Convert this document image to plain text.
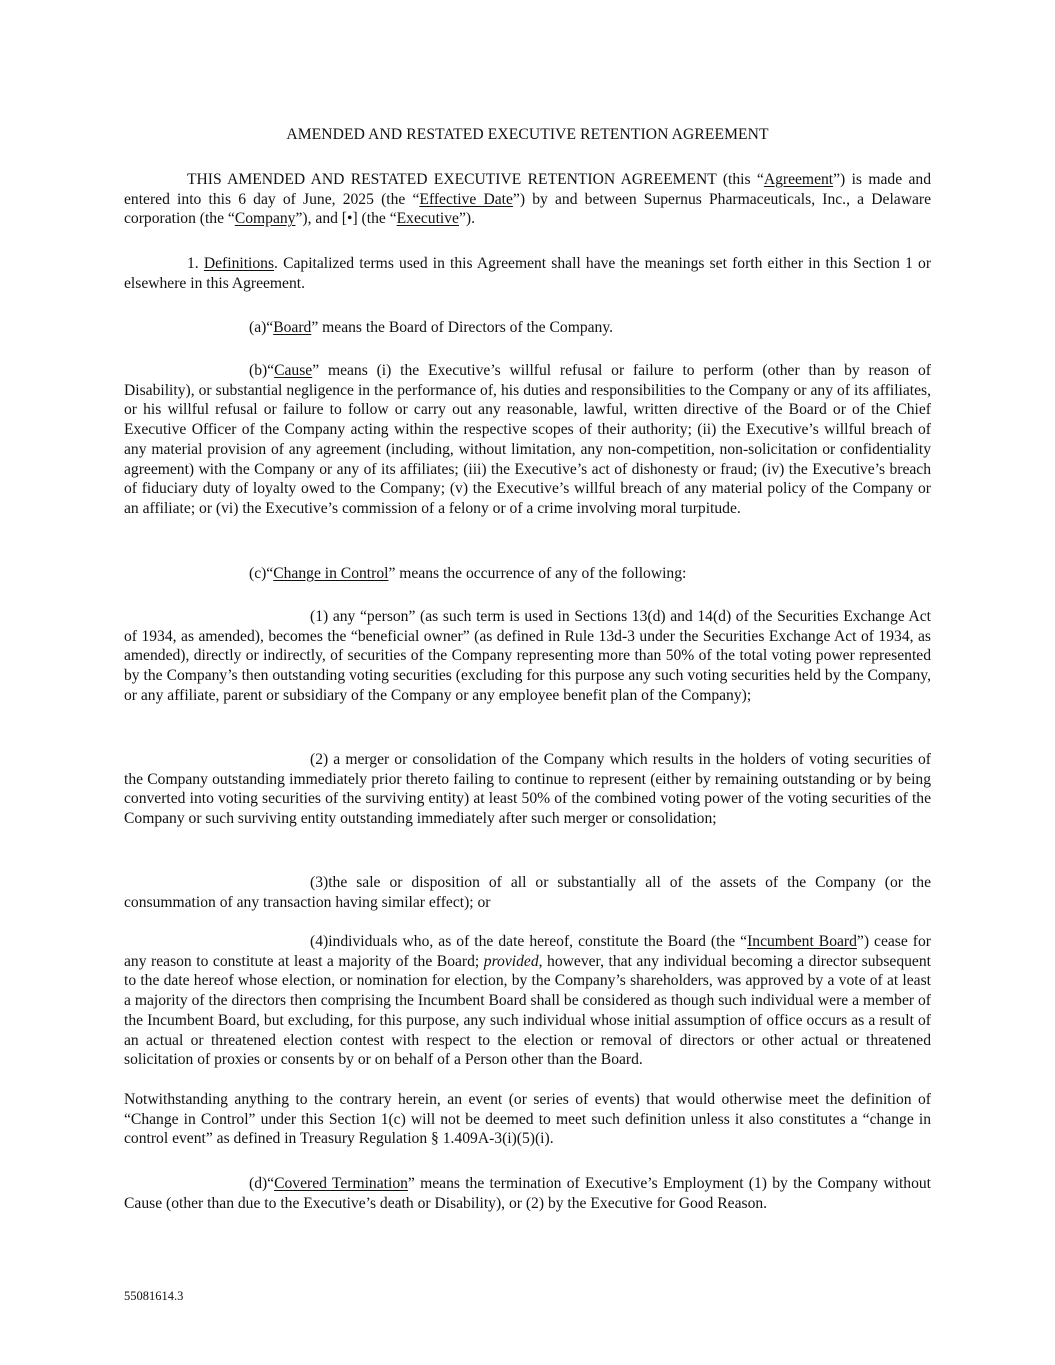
AMENDED AND RESTATED EXECUTIVE RETENTION AGREEMENT

THIS AMENDED AND RESTATED EXECUTIVE RETENTION AGREEMENT (this “Agreement”) is made and entered into this 6 day of June, 2025 (the “Effective Date”) by and between Supernus Pharmaceuticals, Inc., a Delaware corporation (the “Company”), and [•] (the “Executive”).

1. Definitions. Capitalized terms used in this Agreement shall have the meanings set forth either in this Section 1 or elsewhere in this Agreement.

(a)“Board” means the Board of Directors of the Company.

(b)“Cause” means (i) the Executive’s willful refusal or failure to perform (other than by reason of Disability), or substantial negligence in the performance of, his duties and responsibilities to the Company or any of its affiliates, or his willful refusal or failure to follow or carry out any reasonable, lawful, written directive of the Board or of the Chief Executive Officer of the Company acting within the respective scopes of their authority; (ii) the Executive’s willful breach of any material provision of any agreement (including, without limitation, any non-competition, non-solicitation or confidentiality agreement) with the Company or any of its affiliates; (iii) the Executive’s act of dishonesty or fraud; (iv) the Executive’s breach of fiduciary duty of loyalty owed to the Company; (v) the Executive’s willful breach of any material policy of the Company or an affiliate; or (vi) the Executive’s commission of a felony or of a crime involving moral turpitude.

(c)“Change in Control” means the occurrence of any of the following:

(1) any “person” (as such term is used in Sections 13(d) and 14(d) of the Securities Exchange Act of 1934, as amended), becomes the “beneficial owner” (as defined in Rule 13d-3 under the Securities Exchange Act of 1934, as amended), directly or indirectly, of securities of the Company representing more than 50% of the total voting power represented by the Company’s then outstanding voting securities (excluding for this purpose any such voting securities held by the Company, or any affiliate, parent or subsidiary of the Company or any employee benefit plan of the Company);

(2) a merger or consolidation of the Company which results in the holders of voting securities of the Company outstanding immediately prior thereto failing to continue to represent (either by remaining outstanding or by being converted into voting securities of the surviving entity) at least 50% of the combined voting power of the voting securities of the Company or such surviving entity outstanding immediately after such merger or consolidation;

(3)the sale or disposition of all or substantially all of the assets of the Company (or the consummation of any transaction having similar effect); or

(4)individuals who, as of the date hereof, constitute the Board (the “Incumbent Board”) cease for any reason to constitute at least a majority of the Board; provided, however, that any individual becoming a director subsequent to the date hereof whose election, or nomination for election, by the Company’s shareholders, was approved by a vote of at least a majority of the directors then comprising the Incumbent Board shall be considered as though such individual were a member of the Incumbent Board, but excluding, for this purpose, any such individual whose initial assumption of office occurs as a result of an actual or threatened election contest with respect to the election or removal of directors or other actual or threatened solicitation of proxies or consents by or on behalf of a Person other than the Board.

Notwithstanding anything to the contrary herein, an event (or series of events) that would otherwise meet the definition of “Change in Control” under this Section 1(c) will not be deemed to meet such definition unless it also constitutes a “change in control event” as defined in Treasury Regulation § 1.409A-3(i)(5)(i).

(d)“Covered Termination” means the termination of Executive’s Employment (1) by the Company without Cause (other than due to the Executive’s death or Disability), or (2) by the Executive for Good Reason.

55081614.3
